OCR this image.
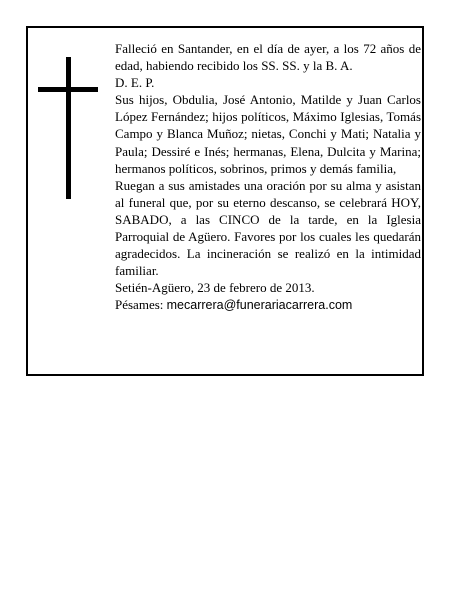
Falleció en Santander, en el día de ayer, a los 72 años de edad, habiendo recibido los SS. SS. y la B. A.

D. E. P.

Sus hijos, Obdulia, José Antonio, Matilde y Juan Carlos López Fernández; hijos políticos, Máximo Iglesias, Tomás Campo y Blanca Muñoz; nietas, Conchi y Mati; Natalia y Paula; Dessiré e Inés; hermanas, Elena, Dulcita y Marina; hermanos políticos, sobrinos, primos y demás familia,

Ruegan a sus amistades una oración por su alma y asistan al funeral que, por su eterno descanso, se celebrará HOY, SABADO, a las CINCO de la tarde, en la Iglesia Parroquial de Agüero. Favores por los cuales les quedarán agradecidos. La incineración se realizó en la intimidad familiar.

Setién-Agüero, 23 de febrero de 2013.

Pésames: mecarrera@funerariacarrera.com
